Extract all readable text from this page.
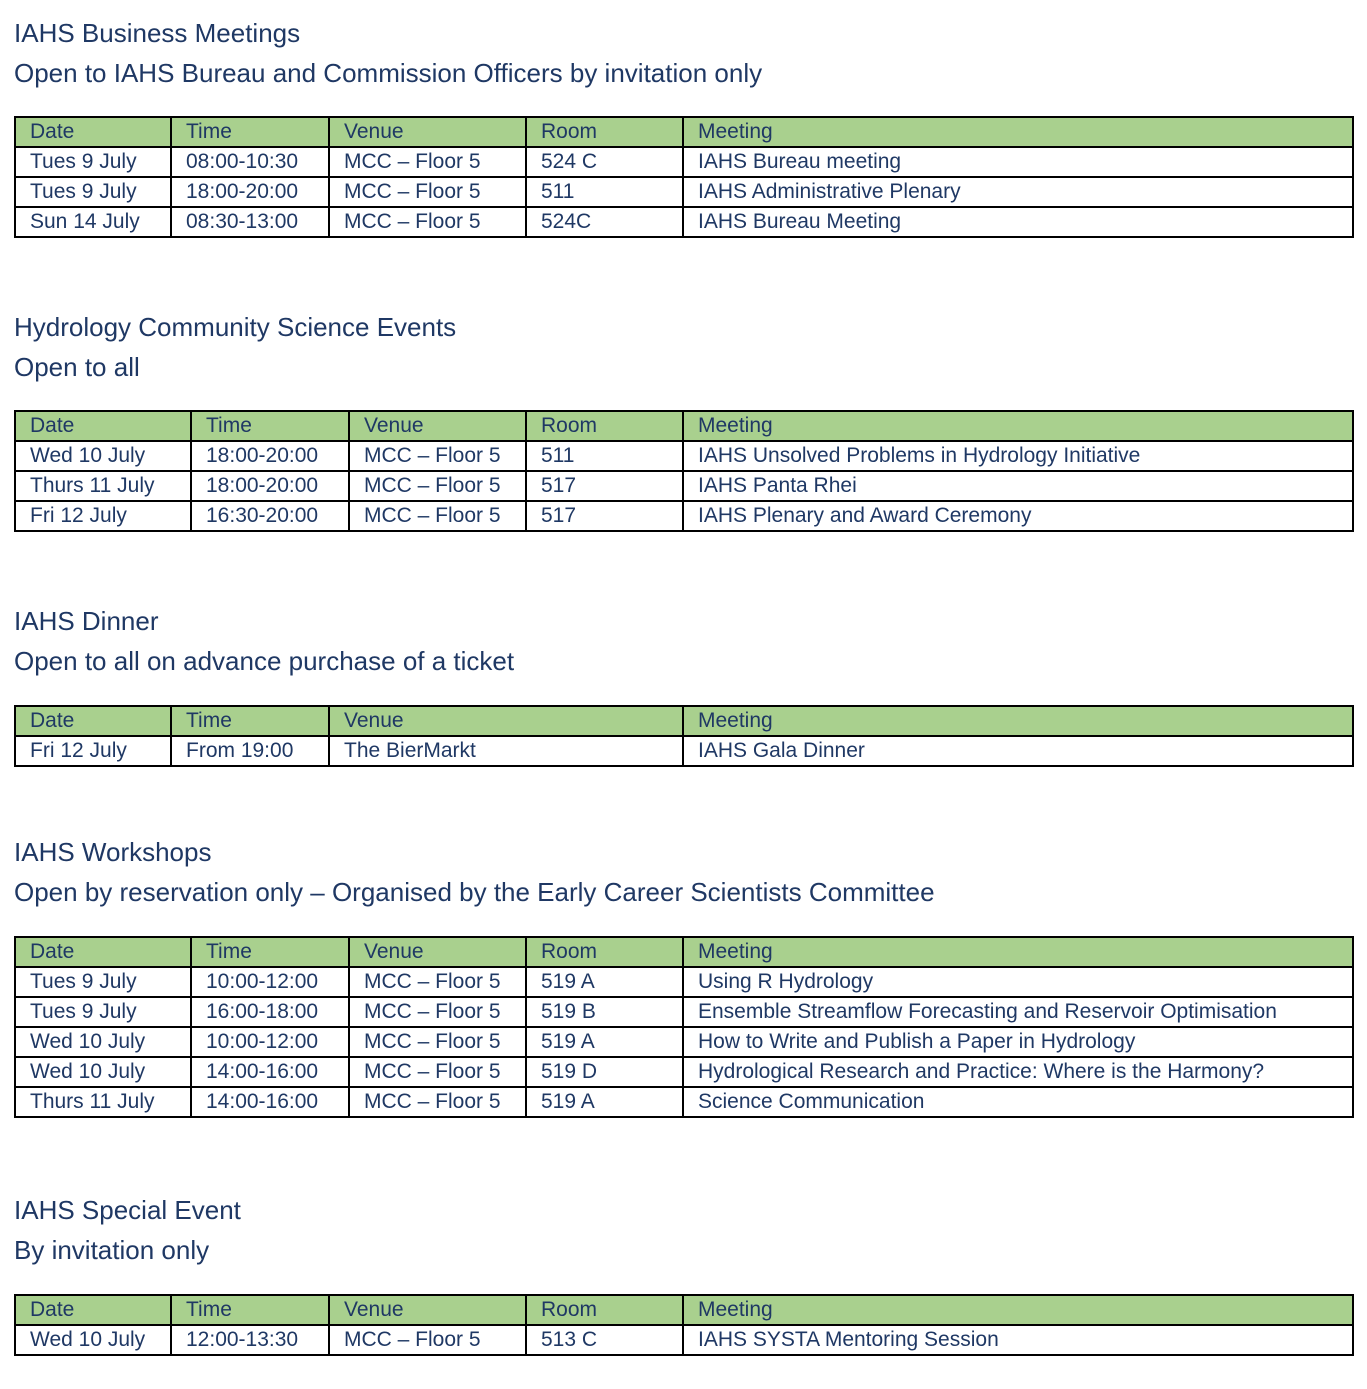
IAHS Business Meetings
Open to IAHS Bureau and Commission Officers by invitation only
Date	Time	Venue	Room	Meeting
Tues 9 July	08:00-10:30	MCC – Floor 5	524 C	IAHS Bureau meeting
Tues 9 July	18:00-20:00	MCC – Floor 5	511	IAHS Administrative Plenary
Sun 14 July	08:30-13:00	MCC – Floor 5	524C	IAHS Bureau Meeting
Hydrology Community Science Events
Open to all
Date	Time	Venue	Room	Meeting
Wed 10 July	18:00-20:00	MCC – Floor 5	511	IAHS Unsolved Problems in Hydrology Initiative
Thurs 11 July	18:00-20:00	MCC – Floor 5	517	IAHS Panta Rhei
Fri 12 July	16:30-20:00	MCC – Floor 5	517	IAHS Plenary and Award Ceremony
IAHS Dinner
Open to all on advance purchase of a ticket
Date	Time	Venue	Meeting
Fri 12 July	From 19:00	The BierMarkt	IAHS Gala Dinner
IAHS Workshops
Open by reservation only – Organised by the Early Career Scientists Committee
Date	Time	Venue	Room	Meeting
Tues 9 July	10:00-12:00	MCC – Floor 5	519 A	Using R Hydrology
Tues 9 July	16:00-18:00	MCC – Floor 5	519 B	Ensemble Streamflow Forecasting and Reservoir Optimisation
Wed 10 July	10:00-12:00	MCC – Floor 5	519 A	How to Write and Publish a Paper in Hydrology
Wed 10 July	14:00-16:00	MCC – Floor 5	519 D	Hydrological Research and Practice: Where is the Harmony?
Thurs 11 July	14:00-16:00	MCC – Floor 5	519 A	Science Communication
IAHS Special Event
By invitation only
Date	Time	Venue	Room	Meeting
Wed 10 July	12:00-13:30	MCC – Floor 5	513 C	IAHS SYSTA Mentoring Session
